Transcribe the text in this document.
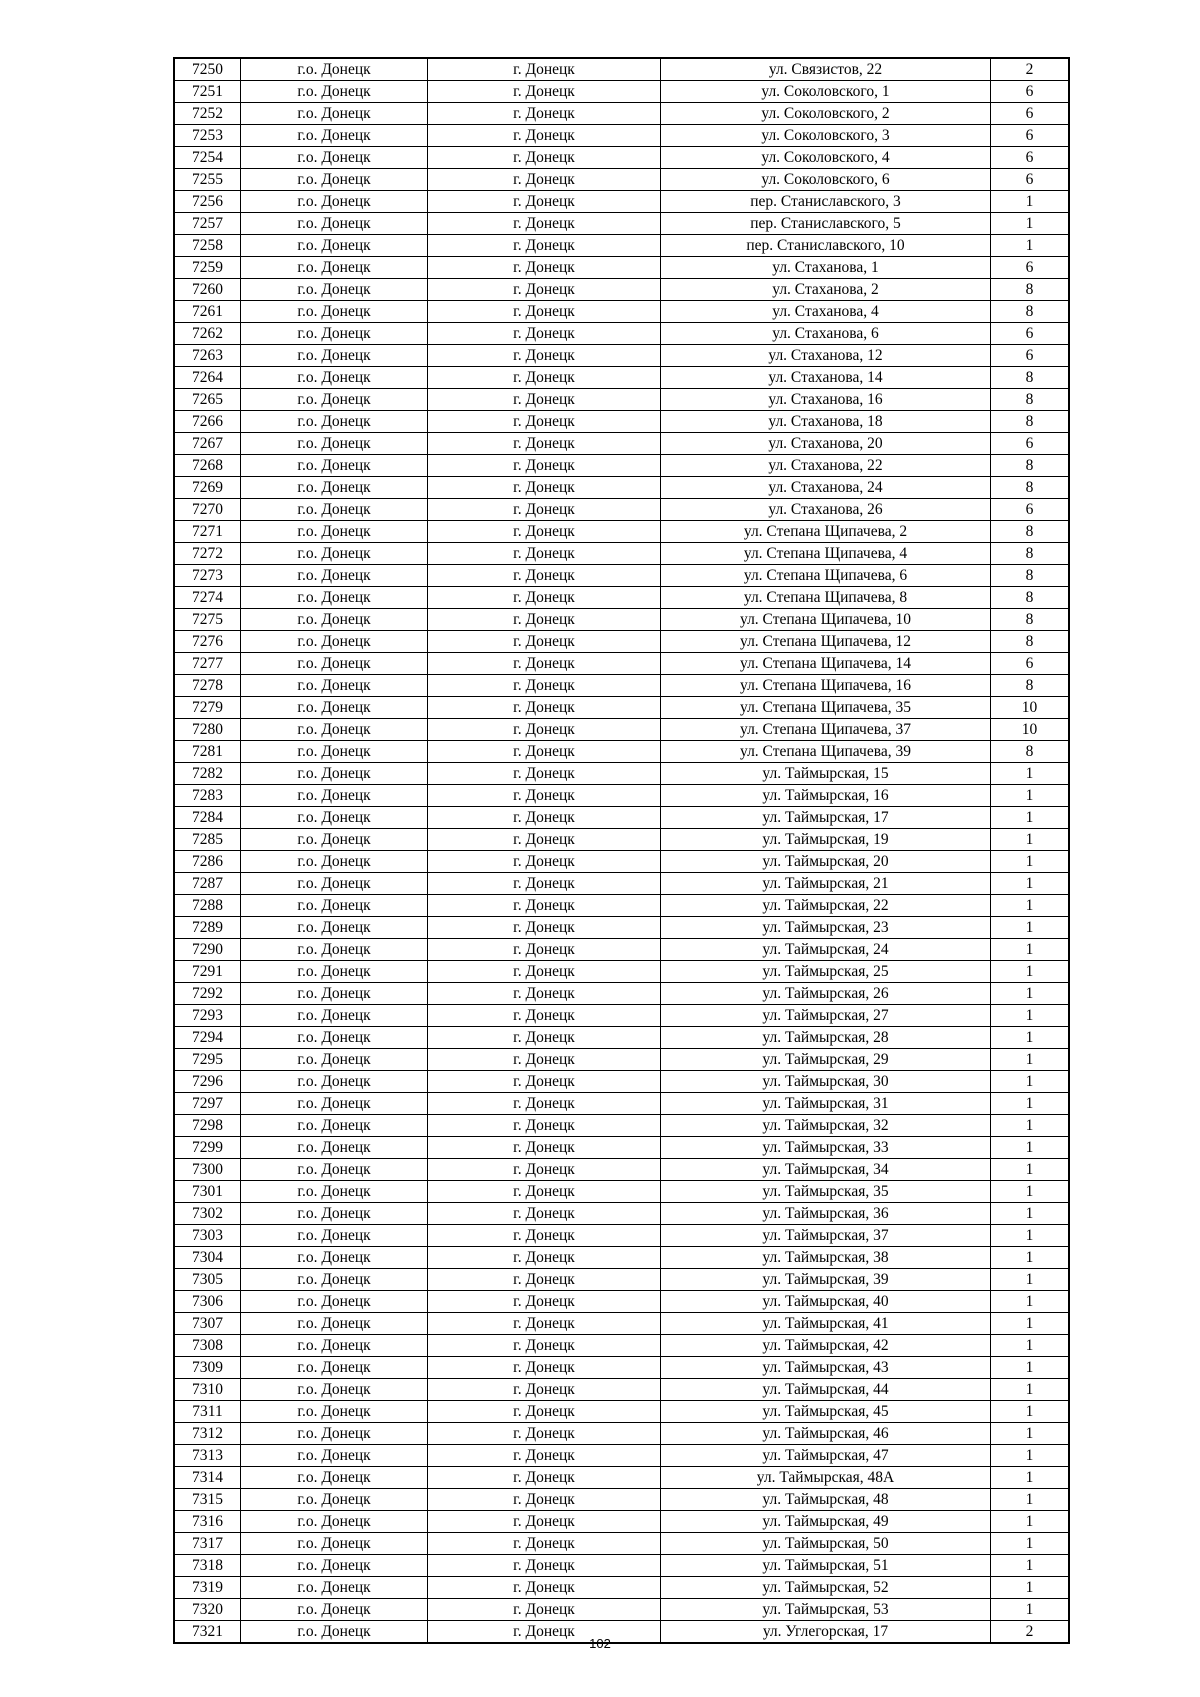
7250	г.о. Донецк	г. Донецк	ул. Связистов, 22	2
7251	г.о. Донецк	г. Донецк	ул. Соколовского, 1	6
7252	г.о. Донецк	г. Донецк	ул. Соколовского, 2	6
7253	г.о. Донецк	г. Донецк	ул. Соколовского, 3	6
7254	г.о. Донецк	г. Донецк	ул. Соколовского, 4	6
7255	г.о. Донецк	г. Донецк	ул. Соколовского, 6	6
7256	г.о. Донецк	г. Донецк	пер. Станиславского, 3	1
7257	г.о. Донецк	г. Донецк	пер. Станиславского, 5	1
7258	г.о. Донецк	г. Донецк	пер. Станиславского, 10	1
7259	г.о. Донецк	г. Донецк	ул. Стаханова, 1	6
7260	г.о. Донецк	г. Донецк	ул. Стаханова, 2	8
7261	г.о. Донецк	г. Донецк	ул. Стаханова, 4	8
7262	г.о. Донецк	г. Донецк	ул. Стаханова, 6	6
7263	г.о. Донецк	г. Донецк	ул. Стаханова, 12	6
7264	г.о. Донецк	г. Донецк	ул. Стаханова, 14	8
7265	г.о. Донецк	г. Донецк	ул. Стаханова, 16	8
7266	г.о. Донецк	г. Донецк	ул. Стаханова, 18	8
7267	г.о. Донецк	г. Донецк	ул. Стаханова, 20	6
7268	г.о. Донецк	г. Донецк	ул. Стаханова, 22	8
7269	г.о. Донецк	г. Донецк	ул. Стаханова, 24	8
7270	г.о. Донецк	г. Донецк	ул. Стаханова, 26	6
7271	г.о. Донецк	г. Донецк	ул. Степана Щипачева, 2	8
7272	г.о. Донецк	г. Донецк	ул. Степана Щипачева, 4	8
7273	г.о. Донецк	г. Донецк	ул. Степана Щипачева, 6	8
7274	г.о. Донецк	г. Донецк	ул. Степана Щипачева, 8	8
7275	г.о. Донецк	г. Донецк	ул. Степана Щипачева, 10	8
7276	г.о. Донецк	г. Донецк	ул. Степана Щипачева, 12	8
7277	г.о. Донецк	г. Донецк	ул. Степана Щипачева, 14	6
7278	г.о. Донецк	г. Донецк	ул. Степана Щипачева, 16	8
7279	г.о. Донецк	г. Донецк	ул. Степана Щипачева, 35	10
7280	г.о. Донецк	г. Донецк	ул. Степана Щипачева, 37	10
7281	г.о. Донецк	г. Донецк	ул. Степана Щипачева, 39	8
7282	г.о. Донецк	г. Донецк	ул. Таймырская, 15	1
7283	г.о. Донецк	г. Донецк	ул. Таймырская, 16	1
7284	г.о. Донецк	г. Донецк	ул. Таймырская, 17	1
7285	г.о. Донецк	г. Донецк	ул. Таймырская, 19	1
7286	г.о. Донецк	г. Донецк	ул. Таймырская, 20	1
7287	г.о. Донецк	г. Донецк	ул. Таймырская, 21	1
7288	г.о. Донецк	г. Донецк	ул. Таймырская, 22	1
7289	г.о. Донецк	г. Донецк	ул. Таймырская, 23	1
7290	г.о. Донецк	г. Донецк	ул. Таймырская, 24	1
7291	г.о. Донецк	г. Донецк	ул. Таймырская, 25	1
7292	г.о. Донецк	г. Донецк	ул. Таймырская, 26	1
7293	г.о. Донецк	г. Донецк	ул. Таймырская, 27	1
7294	г.о. Донецк	г. Донецк	ул. Таймырская, 28	1
7295	г.о. Донецк	г. Донецк	ул. Таймырская, 29	1
7296	г.о. Донецк	г. Донецк	ул. Таймырская, 30	1
7297	г.о. Донецк	г. Донецк	ул. Таймырская, 31	1
7298	г.о. Донецк	г. Донецк	ул. Таймырская, 32	1
7299	г.о. Донецк	г. Донецк	ул. Таймырская, 33	1
7300	г.о. Донецк	г. Донецк	ул. Таймырская, 34	1
7301	г.о. Донецк	г. Донецк	ул. Таймырская, 35	1
7302	г.о. Донецк	г. Донецк	ул. Таймырская, 36	1
7303	г.о. Донецк	г. Донецк	ул. Таймырская, 37	1
7304	г.о. Донецк	г. Донецк	ул. Таймырская, 38	1
7305	г.о. Донецк	г. Донецк	ул. Таймырская, 39	1
7306	г.о. Донецк	г. Донецк	ул. Таймырская, 40	1
7307	г.о. Донецк	г. Донецк	ул. Таймырская, 41	1
7308	г.о. Донецк	г. Донецк	ул. Таймырская, 42	1
7309	г.о. Донецк	г. Донецк	ул. Таймырская, 43	1
7310	г.о. Донецк	г. Донецк	ул. Таймырская, 44	1
7311	г.о. Донецк	г. Донецк	ул. Таймырская, 45	1
7312	г.о. Донецк	г. Донецк	ул. Таймырская, 46	1
7313	г.о. Донецк	г. Донецк	ул. Таймырская, 47	1
7314	г.о. Донецк	г. Донецк	ул. Таймырская, 48А	1
7315	г.о. Донецк	г. Донецк	ул. Таймырская, 48	1
7316	г.о. Донецк	г. Донецк	ул. Таймырская, 49	1
7317	г.о. Донецк	г. Донецк	ул. Таймырская, 50	1
7318	г.о. Донецк	г. Донецк	ул. Таймырская, 51	1
7319	г.о. Донецк	г. Донецк	ул. Таймырская, 52	1
7320	г.о. Донецк	г. Донецк	ул. Таймырская, 53	1
7321	г.о. Донецк	г. Донецк	ул. Углегорская, 17	2
102
